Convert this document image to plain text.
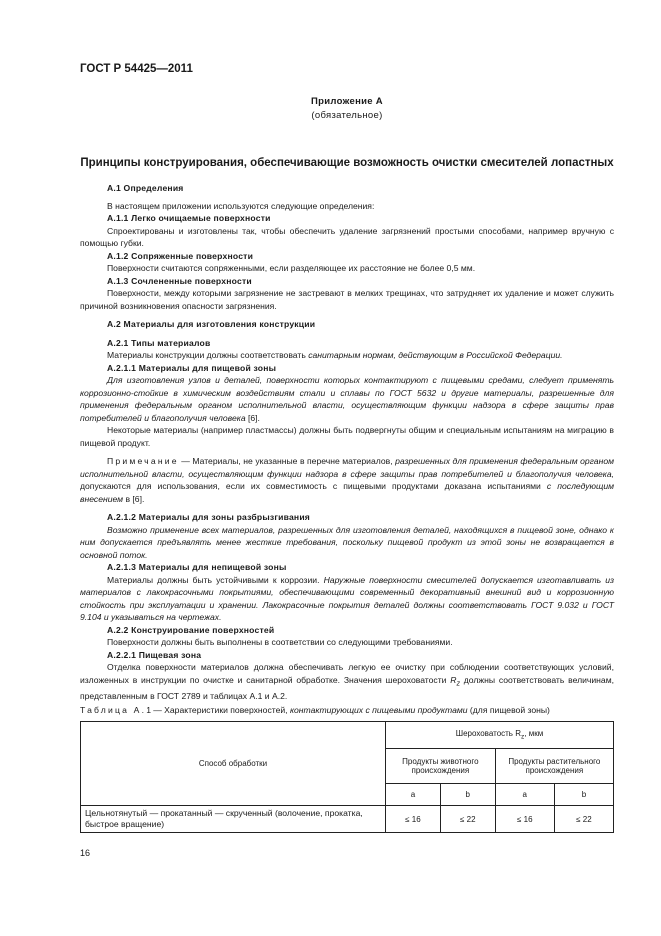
ГОСТ Р 54425—2011
Приложение А
(обязательное)
Принципы конструирования, обеспечивающие возможность очистки смесителей лопастных

А.1 Определения

В настоящем приложении используются следующие определения:

А.1.1 Легко очищаемые поверхности

Спроектированы и изготовлены так, чтобы обеспечить удаление загрязнений простыми способами, например вручную с помощью губки.

А.1.2 Сопряженные поверхности

Поверхности считаются сопряженными, если разделяющее их расстояние не более 0,5 мм.

А.1.3 Сочлененные поверхности

Поверхности, между которыми загрязнение не застревают в мелких трещинах, что затрудняет их удаление и может служить причиной возникновения опасности загрязнения.

А.2 Материалы для изготовления конструкции

А.2.1 Типы материалов

Материалы конструкции должны соответствовать санитарным нормам, действующим в Российской Федерации.

А.2.1.1 Материалы для пищевой зоны

Для изготовления узлов и деталей, поверхности которых контактируют с пищевыми средами, следует применять коррозионно-стойкие в химическим воздействиям стали и сплавы по ГОСТ 5632 и другие материалы, разрешенные для применения федеральным органом исполнительной власти, осуществляющим функции надзора в сфере защиты прав потребителей и благополучия человека [6].

Некоторые материалы (например пластмассы) должны быть подвергнуты общим и специальным испытаниям на миграцию в пищевой продукт.

Примечание — Материалы, не указанные в перечне материалов, разрешенных для применения федеральным органом исполнительной власти, осуществляющим функции надзора в сфере защиты прав потребителей и благополучия человека, допускаются для использования, если их совместимость с пищевыми продуктами доказана испытаниями с последующим внесением в [6].

А.2.1.2 Материалы для зоны разбрызгивания

Возможно применение всех материалов, разрешенных для изготовления деталей, находящихся в пищевой зоне, однако к ним допускается предъявлять менее жесткие требования, поскольку пищевой продукт из этой зоны не возвращается в основной поток.

А.2.1.3 Материалы для непищевой зоны

Материалы должны быть устойчивыми к коррозии. Наружные поверхности смесителей допускается изготавливать из материалов с лакокрасочными покрытиями, обеспечивающими современный декоративный внешний вид и коррозионную стойкость при эксплуатации и хранении. Лакокрасочные покрытия деталей должны соответствовать ГОСТ 9.032 и ГОСТ 9.104 и указываться на чертежах.

А.2.2 Конструирование поверхностей

Поверхности должны быть выполнены в соответствии со следующими требованиями.

А.2.2.1 Пищевая зона

Отделка поверхности материалов должна обеспечивать легкую ее очистку при соблюдении соответствующих условий, изложенных в инструкции по очистке и санитарной обработке. Значения шероховатости $R_z$ должны соответствовать величинам, представленным в ГОСТ 2789 и таблицах А.1 и А.2.

Таблица А.1— Характеристики поверхностей, контактирующих с пищевыми продуктами (для пищевой зоны)
Способ обработки	Шероховатость $R_z$, мкм			
	Продукты животного происхождения		Продукты растительного происхождения	
	a	b	a	b
Цельнотянутый — прокатанный — скрученный (волочение, прокатка, быстрое вращение)	≤ 16	≤ 22	≤ 16	≤ 22
16
